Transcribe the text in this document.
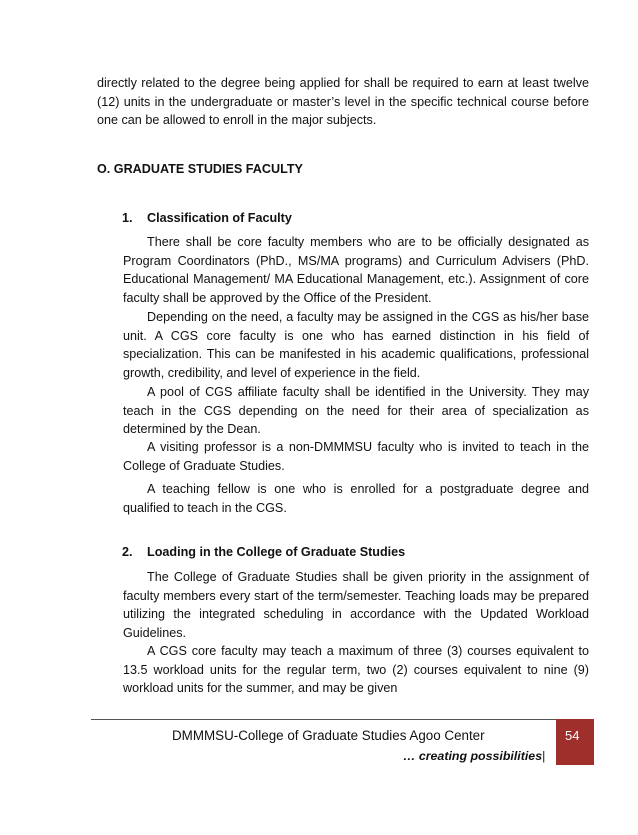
directly related to the degree being applied for shall be required to earn at least twelve (12) units in the undergraduate or master’s level in the specific technical course before one can be allowed to enroll in the major subjects.

O. GRADUATE STUDIES FACULTY
1. Classification of Faculty

There shall be core faculty members who are to be officially designated as Program Coordinators (PhD., MS/MA programs) and Curriculum Advisers (PhD. Educational Management/ MA Educational Management, etc.). Assignment of core faculty shall be approved by the Office of the President.

Depending on the need, a faculty may be assigned in the CGS as his/her base unit. A CGS core faculty is one who has earned distinction in his field of specialization. This can be manifested in his academic qualifications, professional growth, credibility, and level of experience in the field.

A pool of CGS affiliate faculty shall be identified in the University. They may teach in the CGS depending on the need for their area of specialization as determined by the Dean.

A visiting professor is a non-DMMMSU faculty who is invited to teach in the College of Graduate Studies.

A teaching fellow is one who is enrolled for a postgraduate degree and qualified to teach in the CGS.

2. Loading in the College of Graduate Studies

The College of Graduate Studies shall be given priority in the assignment of faculty members every start of the term/semester. Teaching loads may be prepared utilizing the integrated scheduling in accordance with the Updated Workload Guidelines.

A CGS core faculty may teach a maximum of three (3) courses equivalent to 13.5 workload units for the regular term, two (2) courses equivalent to nine (9) workload units for the summer, and may be given

DMMMSU-College of Graduate Studies Agoo Center
… creating possibilities|
54
